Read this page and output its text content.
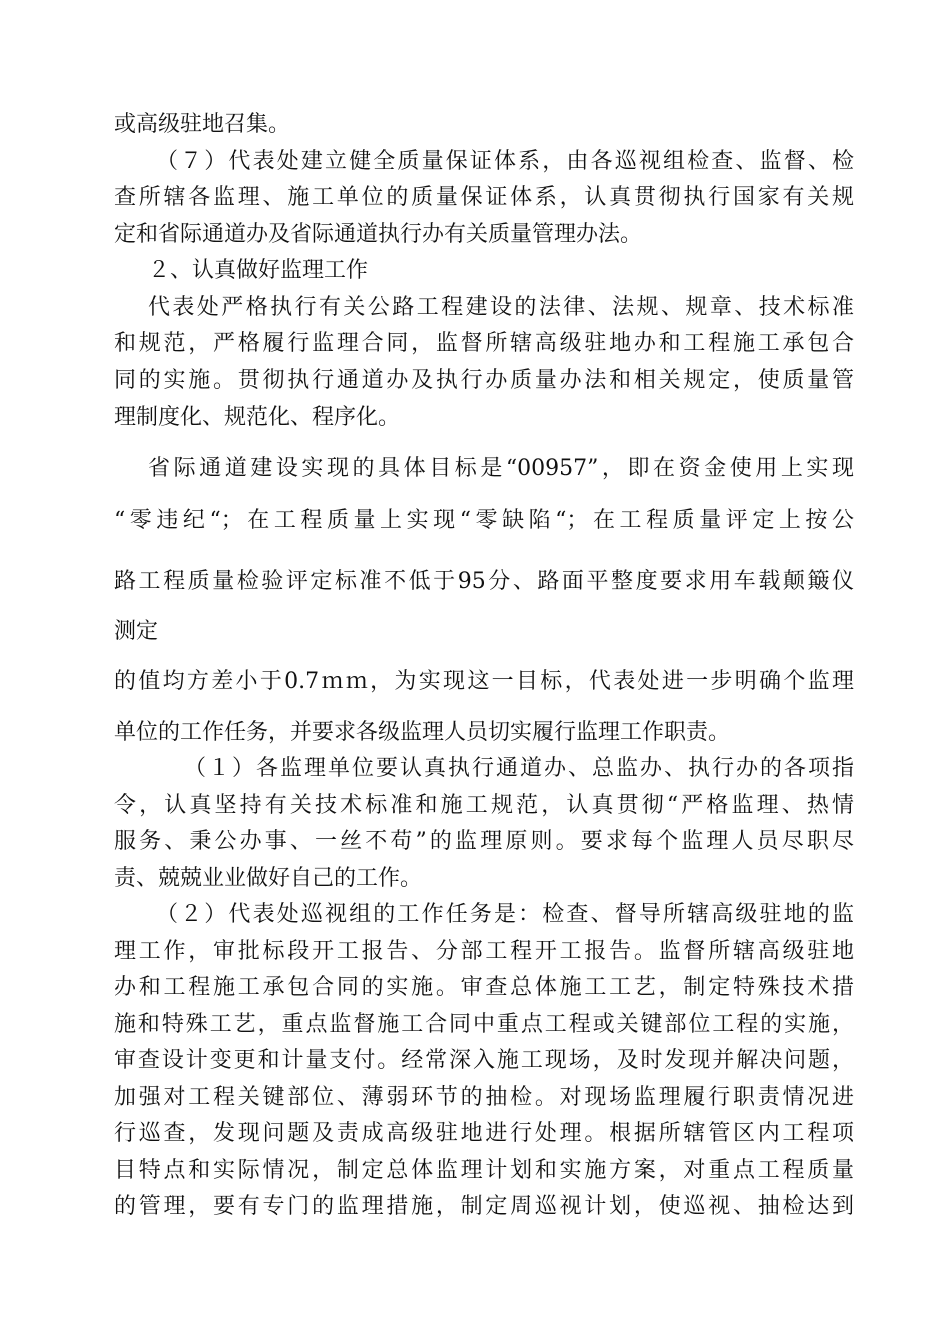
或高级驻地召集。

（７）代表处建立健全质量保证体系，由各巡视组检查、监督、检

查所辖各监理、施工单位的质量保证体系，认真贯彻执行国家有关规

定和省际通道办及省际通道执行办有关质量管理办法。

２、认真做好监理工作

代表处严格执行有关公路工程建设的法律、法规、规章、技术标准

和规范，严格履行监理合同，监督所辖高级驻地办和工程施工承包合

同的实施。贯彻执行通道办及执行办质量办法和相关规定，使质量管

理制度化、规范化、程序化。

省际通道建设实现的具体目标是“00957”，即在资金使用上实现

“零违纪“；在工程质量上实现“零缺陷“；在工程质量评定上按公

路工程质量检验评定标准不低于95分、路面平整度要求用车载颠簸仪

测定

的值均方差小于0.7ｍｍ，为实现这一目标，代表处进一步明确个监理

单位的工作任务，并要求各级监理人员切实履行监理工作职责。

（１）各监理单位要认真执行通道办、总监办、执行办的各项指

令，认真坚持有关技术标准和施工规范，认真贯彻“严格监理、热情

服务、秉公办事、一丝不苟”的监理原则。要求每个监理人员尽职尽

责、兢兢业业做好自己的工作。

（２）代表处巡视组的工作任务是：检查、督导所辖高级驻地的监

理工作，审批标段开工报告、分部工程开工报告。监督所辖高级驻地

办和工程施工承包合同的实施。审查总体施工工艺，制定特殊技术措

施和特殊工艺，重点监督施工合同中重点工程或关键部位工程的实施，

审查设计变更和计量支付。经常深入施工现场，及时发现并解决问题，

加强对工程关键部位、薄弱环节的抽检。对现场监理履行职责情况进

行巡查，发现问题及责成高级驻地进行处理。根据所辖管区内工程项

目特点和实际情况，制定总体监理计划和实施方案，对重点工程质量

的管理，要有专门的监理措施，制定周巡视计划，使巡视、抽检达到
